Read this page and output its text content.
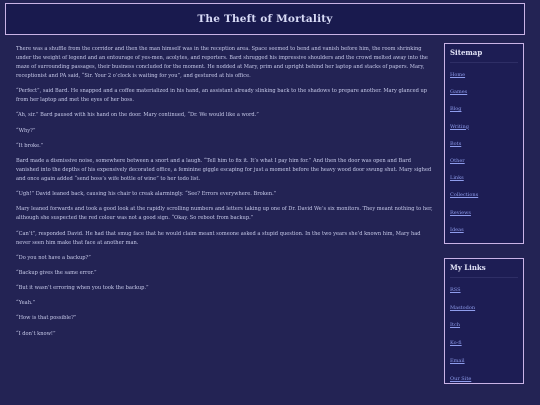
The Theft of Mortality

There was a shuffle from the corridor and then the man himself was in the reception area. Space seemed to bend and vanish before him, the room shrinking under the weight of legend and an entourage of yes-men, acolytes, and reporters. Bard shrugged his impressive shoulders and the crowd melted away into the maze of surrounding passages, their business concluded for the moment. He nodded at Mary, prim and upright behind her laptop and stacks of papers. Mary, receptionist and PA said, “Sir. Your 2 o’clock is waiting for you”, and gestured at his office.

“Perfect”, said Bard. He snapped and a coffee materialized in his hand, an assistant already slinking back to the shadows to prepare another. Mary glanced up from her laptop and met the eyes of her boss.

“Ah, sir.” Bard paused with his hand on the door. Mary continued, “Dr. We would like a word.”

“Why?”

“It broke.”

Bard made a dismissive noise, somewhere between a snort and a laugh. “Tell him to fix it. It’s what I pay him for.” And then the door was open and Bard vanished into the depths of his expensively decorated office, a feminine giggle escaping for just a moment before the heavy wood door swung shut. Mary sighed and once again added “send boss’s wife bottle of wine” to her todo list.

“Ugh!” David leaned back, causing his chair to creak alarmingly. “See? Errors everywhere. Broken.”

Mary leaned forwards and took a good look at the rapidly scrolling numbers and letters taking up one of Dr. David We’s six monitors. They meant nothing to her, although she suspected the red colour was not a good sign. “Okay. So reboot from backup.”

“Can’t”, responded David. He had that smug face that he would claim meant someone asked a stupid question. In the two years she’d known him, Mary had never seen him make that face at another man.

“Do you not have a backup?”

“Backup gives the same error.”

“But it wasn’t erroring when you took the backup.”

“Yeah.”

“How is that possible?”

“I don’t know!”

Sitemap
Home
Games
Blog
Writing
Bots
Other
Links
Collections
Reviews
Ideas
My Links
RSS
Mastodon
Itch
Ko-fi
Email
Our Site
